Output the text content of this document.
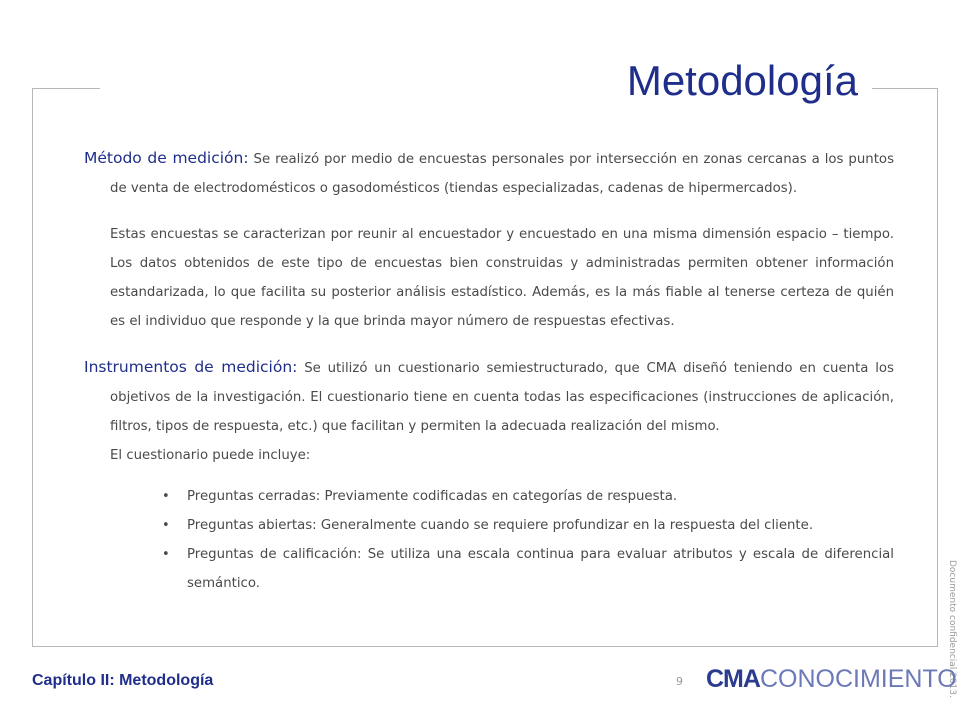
Metodología

Método de medición: Se realizó por medio de encuestas personales por intersección en zonas cercanas a los puntos de venta de electrodomésticos o gasodomésticos (tiendas especializadas, cadenas de hipermercados).

Estas encuestas se caracterizan por reunir al encuestador y encuestado en una misma dimensión espacio – tiempo. Los datos obtenidos de este tipo de encuestas bien construidas y administradas permiten obtener información estandarizada, lo que facilita su posterior análisis estadístico. Además, es la más fiable al tenerse certeza de quién es el individuo que responde y la que brinda mayor número de respuestas efectivas.

Instrumentos de medición: Se utilizó un cuestionario semiestructurado, que CMA diseñó teniendo en cuenta los objetivos de la investigación. El cuestionario tiene en cuenta todas las especificaciones (instrucciones de aplicación, filtros, tipos de respuesta, etc.) que facilitan y permiten la adecuada realización del mismo.

El cuestionario puede incluye:

• Preguntas cerradas: Previamente codificadas en categorías de respuesta.
• Preguntas abiertas: Generalmente cuando se requiere profundizar en la respuesta del cliente.
• Preguntas de calificación: Se utiliza una escala continua para evaluar atributos y escala de diferencial semántico.	Documento confidencial 2013.
Capítulo II: Metodología	9 CMACONOCIMIENTO
